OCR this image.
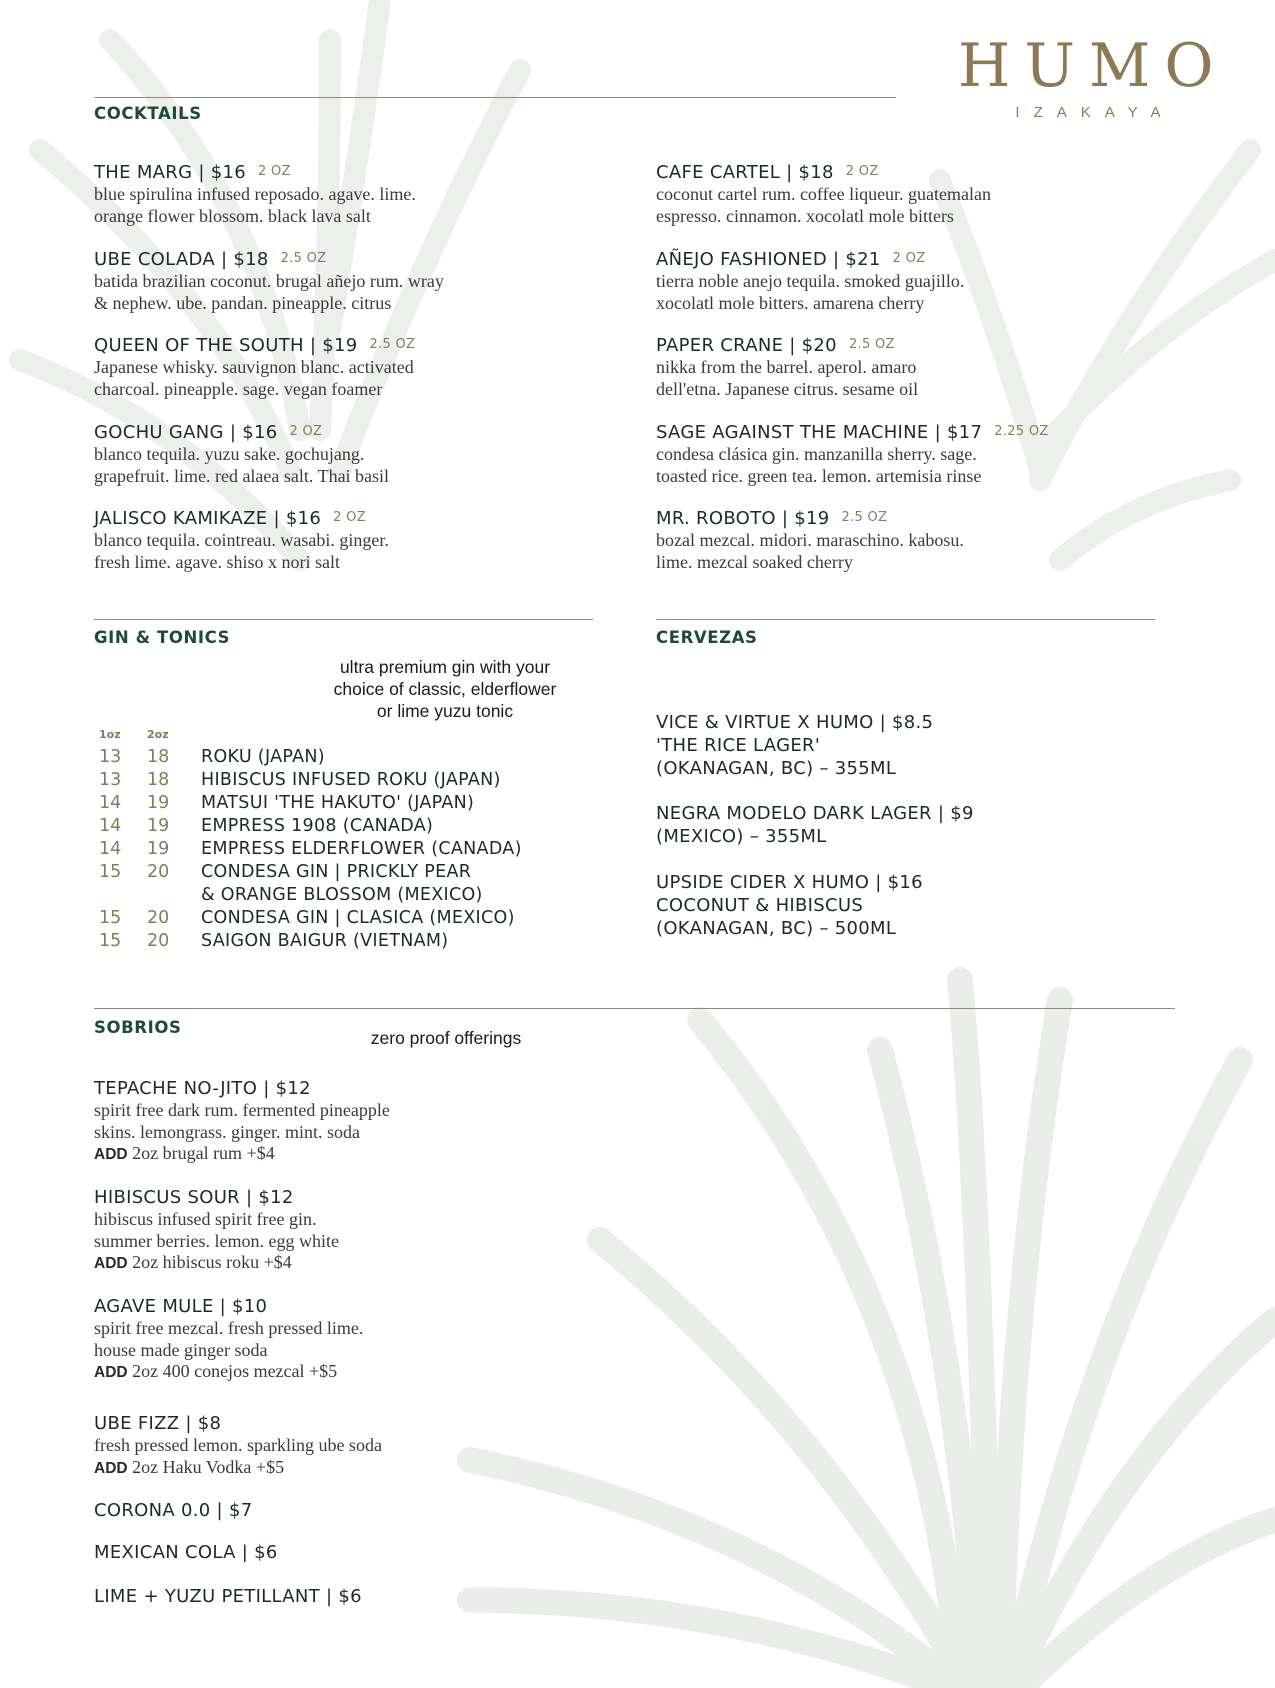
HUMO
IZAKAYA
COCKTAILS
THE MARG | $16 2 OZ
blue spirulina infused reposado. agave. lime.
orange flower blossom. black lava salt
UBE COLADA | $18 2.5 OZ
batida brazilian coconut. brugal añejo rum. wray
& nephew. ube. pandan. pineapple. citrus
QUEEN OF THE SOUTH | $19 2.5 OZ
Japanese whisky. sauvignon blanc. activated
charcoal. pineapple. sage. vegan foamer
GOCHU GANG | $16 2 OZ
blanco tequila. yuzu sake. gochujang.
grapefruit. lime. red alaea salt. Thai basil
JALISCO KAMIKAZE | $16 2 OZ
blanco tequila. cointreau. wasabi. ginger.
fresh lime. agave. shiso x nori salt
CAFE CARTEL | $18 2 OZ
coconut cartel rum. coffee liqueur. guatemalan
espresso. cinnamon. xocolatl mole bitters
AÑEJO FASHIONED | $21 2 OZ
tierra noble anejo tequila. smoked guajillo.
xocolatl mole bitters. amarena cherry
PAPER CRANE | $20 2.5 OZ
nikka from the barrel. aperol. amaro
dell'etna. Japanese citrus. sesame oil
SAGE AGAINST THE MACHINE | $17 2.25 OZ
condesa clásica gin. manzanilla sherry. sage.
toasted rice. green tea. lemon. artemisia rinse
MR. ROBOTO | $19 2.5 OZ
bozal mezcal. midori. maraschino. kabosu.
lime. mezcal soaked cherry
GIN & TONICS
ultra premium gin with your
choice of classic, elderflower
or lime yuzu tonic
1oz 2oz
13 18 ROKU (JAPAN)
13 18 HIBISCUS INFUSED ROKU (JAPAN)
14 19 MATSUI 'THE HAKUTO' (JAPAN)
14 19 EMPRESS 1908 (CANADA)
14 19 EMPRESS ELDERFLOWER (CANADA)
15 20 CONDESA GIN | PRICKLY PEAR
& ORANGE BLOSSOM (MEXICO)
15 20 CONDESA GIN | CLASICA (MEXICO)
15 20 SAIGON BAIGUR (VIETNAM)
CERVEZAS
VICE & VIRTUE X HUMO | $8.5
'THE RICE LAGER'
(OKANAGAN, BC) – 355ML
NEGRA MODELO DARK LAGER | $9
(MEXICO) – 355ML
UPSIDE CIDER X HUMO | $16
COCONUT & HIBISCUS
(OKANAGAN, BC) – 500ML
SOBRIOS
zero proof offerings
TEPACHE NO-JITO | $12
spirit free dark rum. fermented pineapple
skins. lemongrass. ginger. mint. soda
ADD 2oz brugal rum +$4
HIBISCUS SOUR | $12
hibiscus infused spirit free gin.
summer berries. lemon. egg white
ADD 2oz hibiscus roku +$4
AGAVE MULE | $10
spirit free mezcal. fresh pressed lime.
house made ginger soda
ADD 2oz 400 conejos mezcal +$5
UBE FIZZ | $8
fresh pressed lemon. sparkling ube soda
ADD 2oz Haku Vodka +$5
CORONA 0.0 | $7
MEXICAN COLA | $6
LIME + YUZU PETILLANT | $6
